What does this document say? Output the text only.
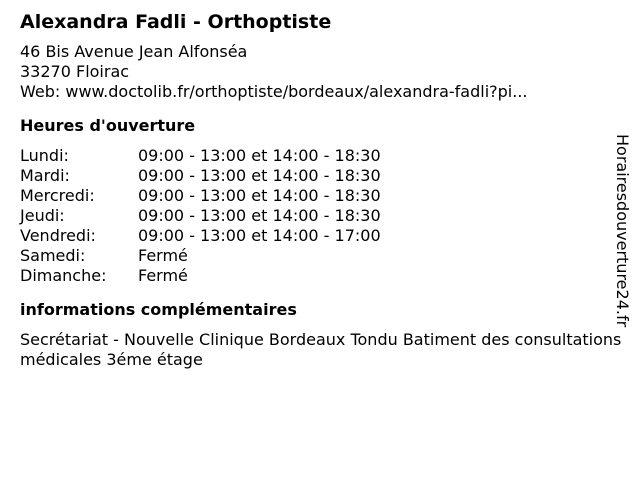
Alexandra Fadli - Orthoptiste
46 Bis Avenue Jean Alfonséa
33270 Floirac
Web: www.doctolib.fr/orthoptiste/bordeaux/alexandra-fadli?pi...
Heures d'ouverture
Lundi:	09:00 - 13:00 et 14:00 - 18:30
Mardi:	09:00 - 13:00 et 14:00 - 18:30
Mercredi:	09:00 - 13:00 et 14:00 - 18:30
Jeudi:	09:00 - 13:00 et 14:00 - 18:30
Vendredi:	09:00 - 13:00 et 14:00 - 17:00
Samedi:	Fermé
Dimanche:	Fermé
informations complémentaires
Secrétariat - Nouvelle Clinique Bordeaux Tondu Batiment des consultations médicales 3éme étage
Horairesdouverture24.fr
